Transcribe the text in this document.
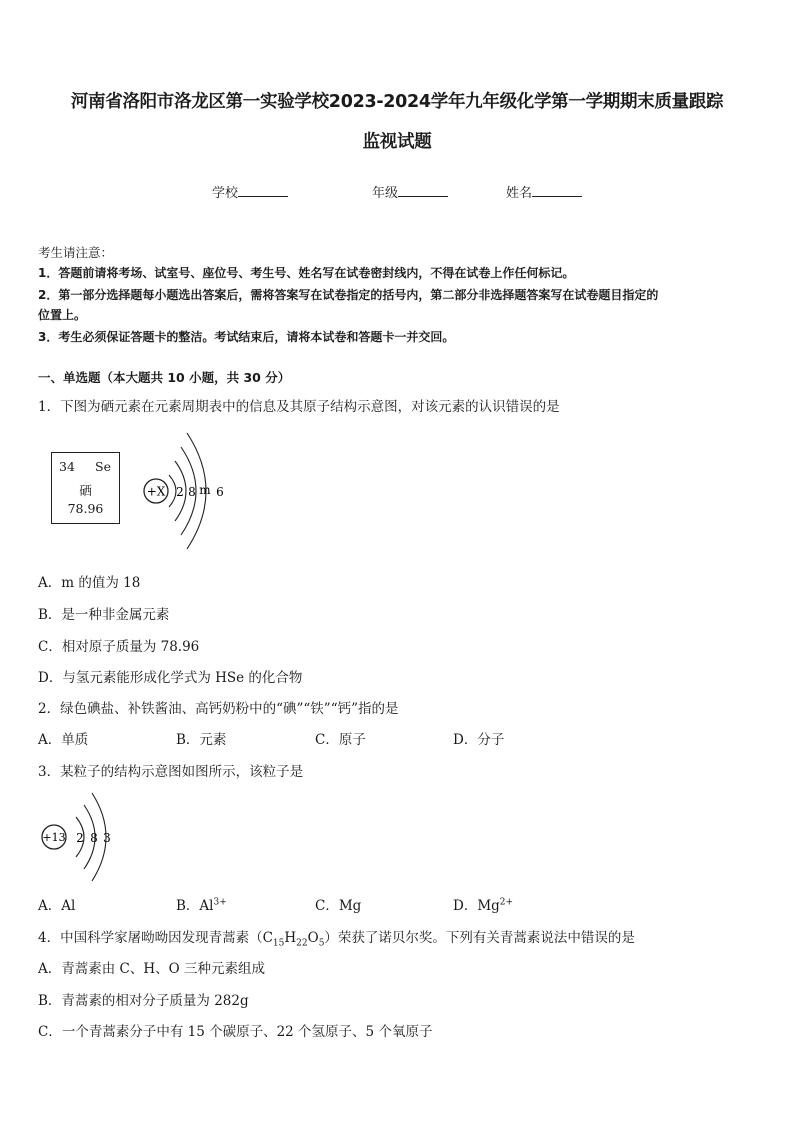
河南省洛阳市洛龙区第一实验学校2023-2024学年九年级化学第一学期期末质量跟踪
监视试题
学校	年级	姓名
考生请注意：
1．答题前请将考场、试室号、座位号、考生号、姓名写在试卷密封线内，不得在试卷上作任何标记。
2．第一部分选择题每小题选出答案后，需将答案写在试卷指定的括号内，第二部分非选择题答案写在试卷题目指定的
位置上。
3．考生必须保证答题卡的整洁。考试结束后，请将本试卷和答题卡一并交回。
一、单选题（本大题共 10 小题，共 30 分）
1．下图为硒元素在元素周期表中的信息及其原子结构示意图，对该元素的认识错误的是
34 Se
硒
78.96
+X 2 8 m 6
A．m 的值为 18
B．是一种非金属元素
C．相对原子质量为 78.96
D．与氢元素能形成化学式为 HSe 的化合物
2．绿色碘盐、补铁酱油、高钙奶粉中的“碘”“铁”“钙”指的是
A．单质	B．元素	C．原子	D．分子
3．某粒子的结构示意图如图所示，该粒子是
+13 2 8 3
A．Al	B．$Al^{3+}$	C．Mg	D．$Mg^{2+}$
4．中国科学家屠呦呦因发现青蒿素$(C_{15}H_{22}O_5)$荣获了诺贝尔奖。下列有关青蒿素说法中错误的是
A．青蒿素由 C、H、O 三种元素组成
B．青蒿素的相对分子质量为 282g
C．一个青蒿素分子中有 15 个碳原子、22 个氢原子、5 个氧原子
